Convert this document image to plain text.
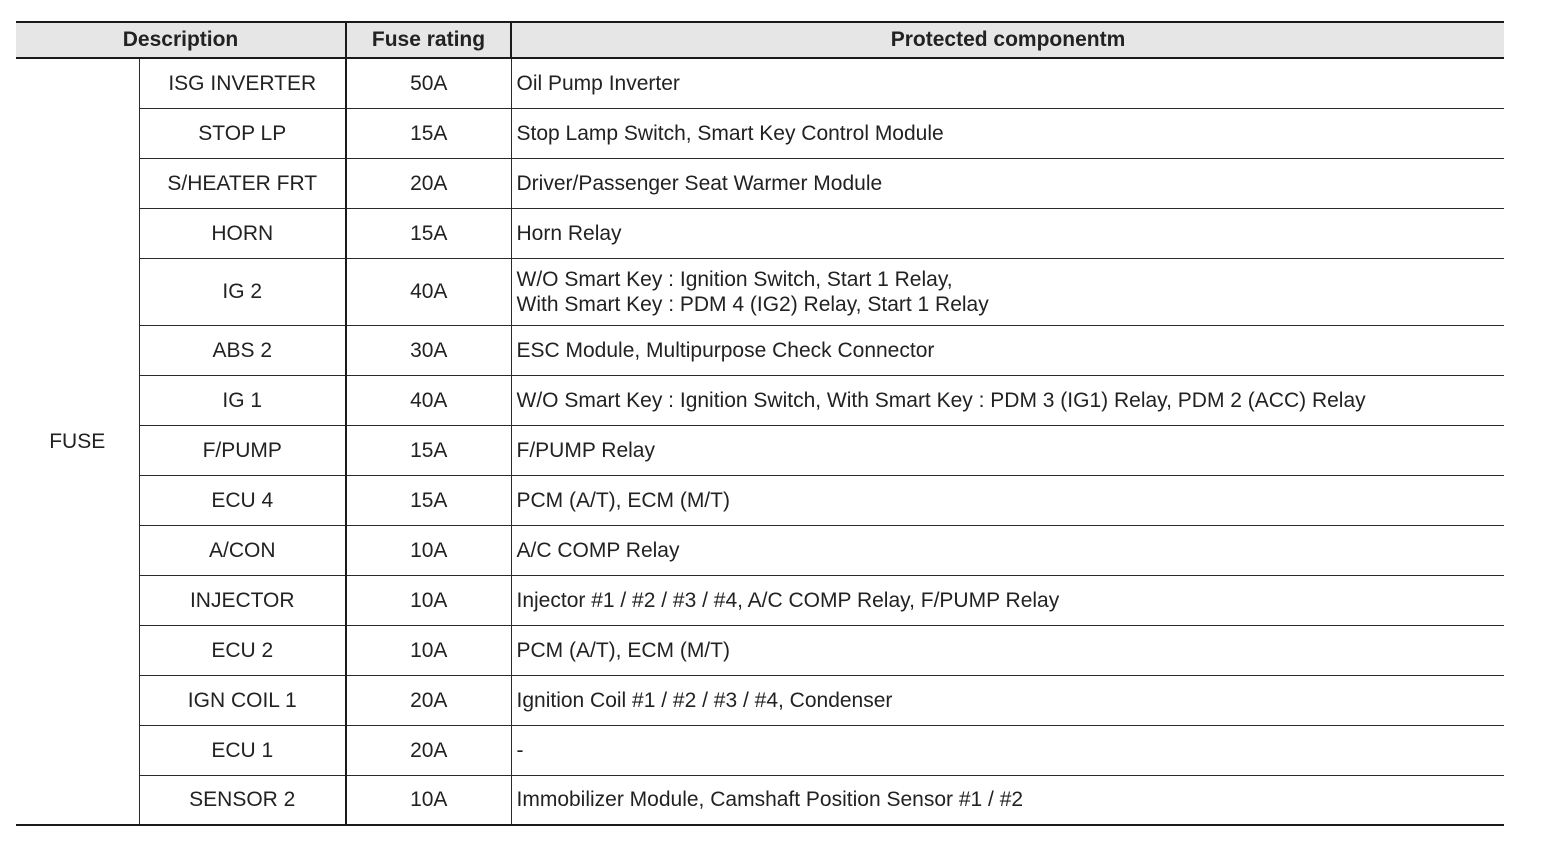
Description		Fuse rating	Protected componentm
FUSE	ISG INVERTER	50A	Oil Pump Inverter

	STOP LP	15A	Stop Lamp Switch, Smart Key Control Module

	S/HEATER FRT	20A	Driver/Passenger Seat Warmer Module

	HORN	15A	Horn Relay

	IG 2	40A	W/O Smart Key : Ignition Switch, Start 1 Relay,
With Smart Key : PDM 4 (IG2) Relay, Start 1 Relay

	ABS 2	30A	ESC Module, Multipurpose Check Connector

	IG 1	40A	W/O Smart Key : Ignition Switch, With Smart Key : PDM 3 (IG1) Relay, PDM 2 (ACC) Relay

	F/PUMP	15A	F/PUMP Relay

	ECU 4	15A	PCM (A/T), ECM (M/T)

	A/CON	10A	A/C COMP Relay

	INJECTOR	10A	Injector #1 / #2 / #3 / #4, A/C COMP Relay, F/PUMP Relay

	ECU 2	10A	PCM (A/T), ECM (M/T)

	IGN COIL 1	20A	Ignition Coil #1 / #2 / #3 / #4, Condenser

	ECU 1	20A	-

	SENSOR 2	10A	Immobilizer Module, Camshaft Position Sensor #1 / #2
